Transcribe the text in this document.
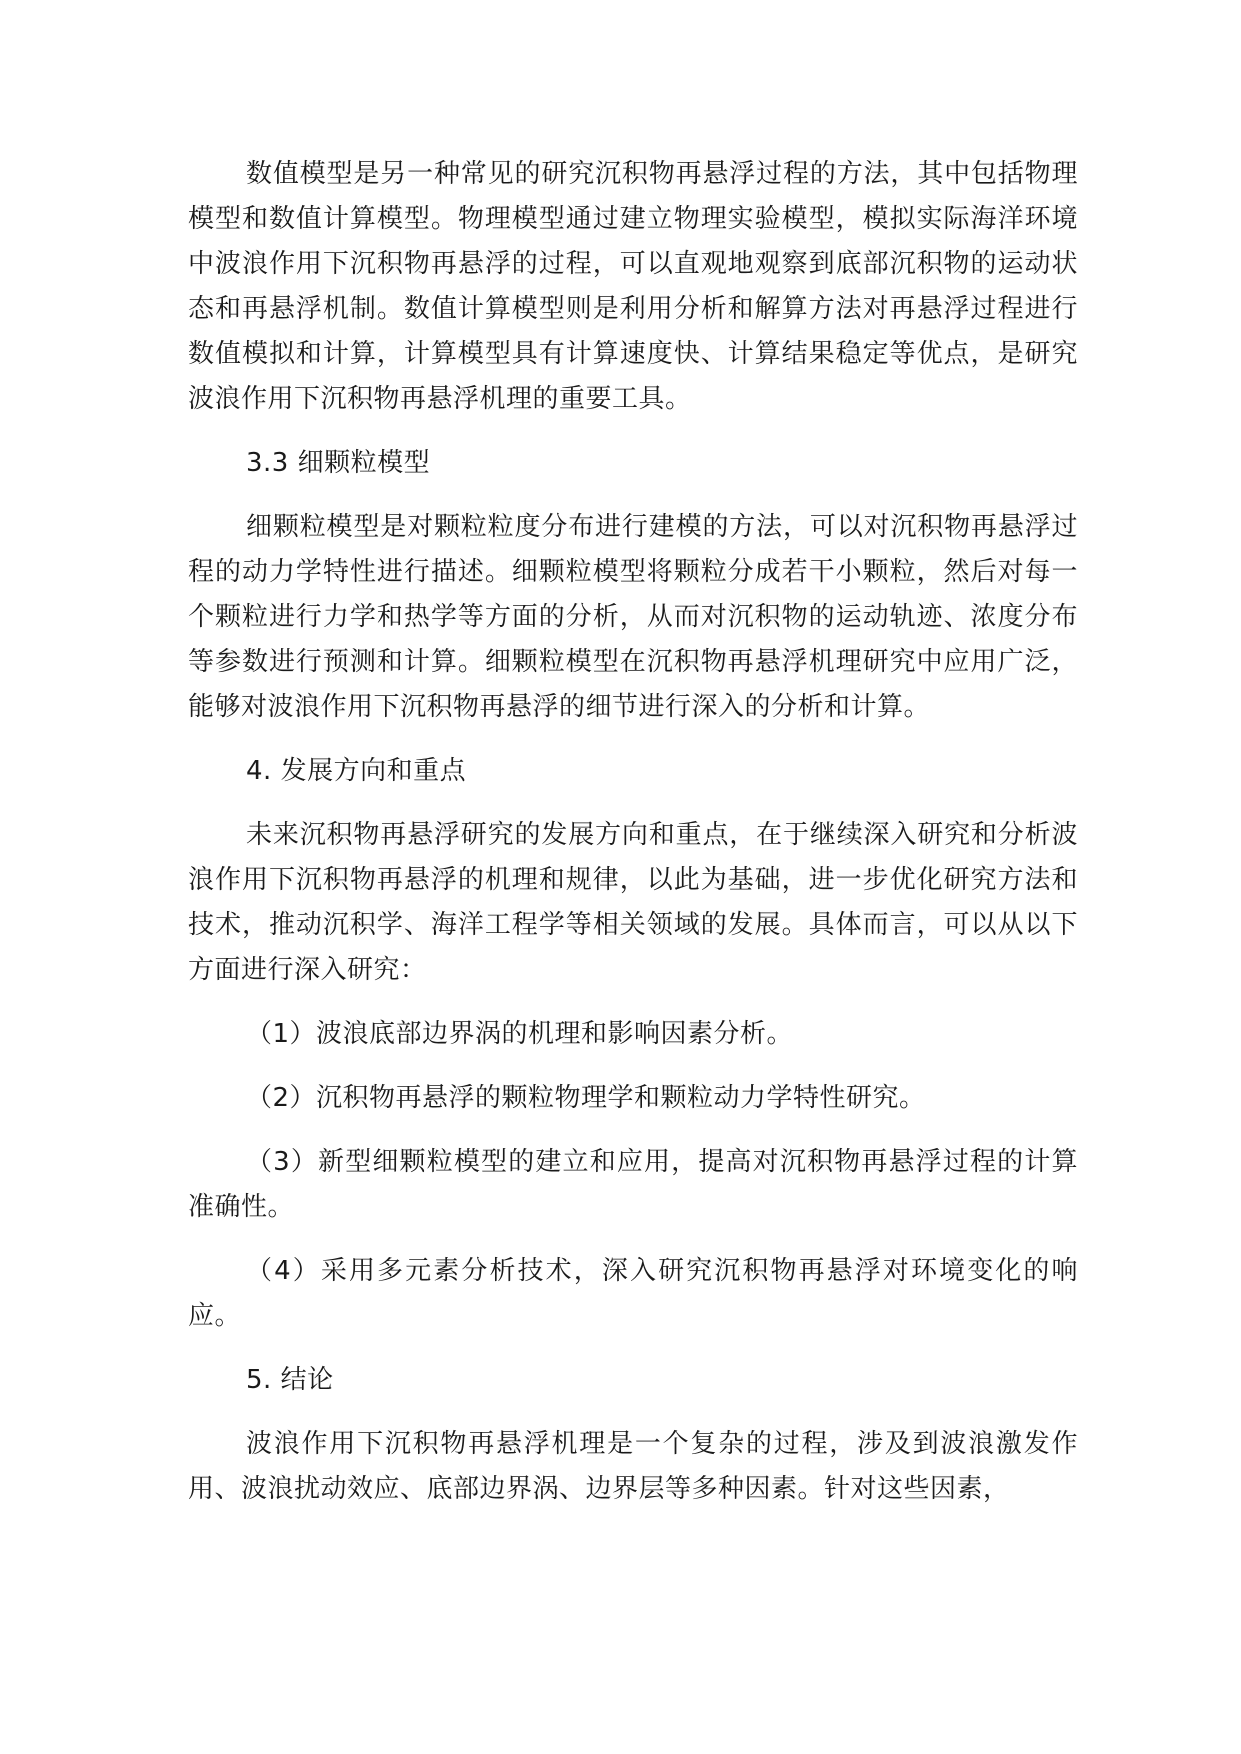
数值模型是另一种常见的研究沉积物再悬浮过程的方法，其中包括物理模型和数值计算模型。物理模型通过建立物理实验模型，模拟实际海洋环境中波浪作用下沉积物再悬浮的过程，可以直观地观察到底部沉积物的运动状态和再悬浮机制。数值计算模型则是利用分析和解算方法对再悬浮过程进行数值模拟和计算，计算模型具有计算速度快、计算结果稳定等优点，是研究波浪作用下沉积物再悬浮机理的重要工具。

3.3 细颗粒模型

细颗粒模型是对颗粒粒度分布进行建模的方法，可以对沉积物再悬浮过程的动力学特性进行描述。细颗粒模型将颗粒分成若干小颗粒，然后对每一个颗粒进行力学和热学等方面的分析，从而对沉积物的运动轨迹、浓度分布等参数进行预测和计算。细颗粒模型在沉积物再悬浮机理研究中应用广泛，能够对波浪作用下沉积物再悬浮的细节进行深入的分析和计算。

4. 发展方向和重点

未来沉积物再悬浮研究的发展方向和重点，在于继续深入研究和分析波浪作用下沉积物再悬浮的机理和规律，以此为基础，进一步优化研究方法和技术，推动沉积学、海洋工程学等相关领域的发展。具体而言，可以从以下方面进行深入研究：

（1）波浪底部边界涡的机理和影响因素分析。

（2）沉积物再悬浮的颗粒物理学和颗粒动力学特性研究。

（3）新型细颗粒模型的建立和应用，提高对沉积物再悬浮过程的计算准确性。

（4）采用多元素分析技术，深入研究沉积物再悬浮对环境变化的响应。

5. 结论

波浪作用下沉积物再悬浮机理是一个复杂的过程，涉及到波浪激发作用、波浪扰动效应、底部边界涡、边界层等多种因素。针对这些因素，
